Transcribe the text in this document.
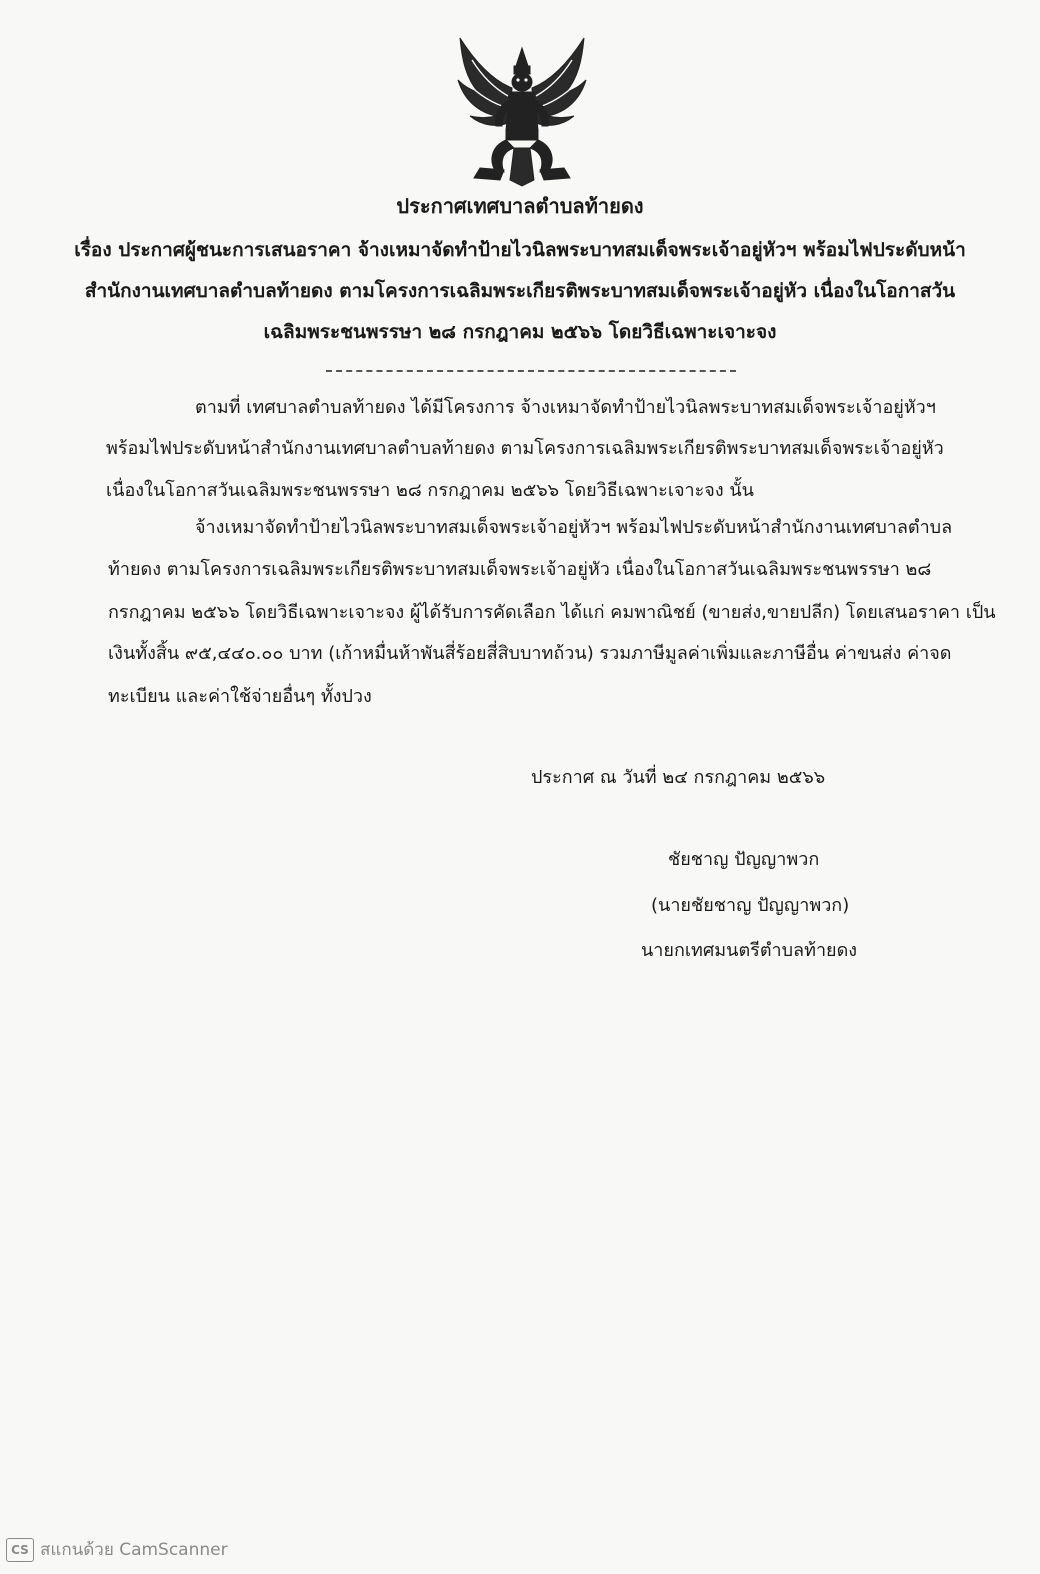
ประกาศเทศบาลตำบลท้ายดง
เรื่อง ประกาศผู้ชนะการเสนอราคา จ้างเหมาจัดทำป้ายไวนิลพระบาทสมเด็จพระเจ้าอยู่หัวฯ พร้อมไฟประดับหน้า
สำนักงานเทศบาลตำบลท้ายดง ตามโครงการเฉลิมพระเกียรติพระบาทสมเด็จพระเจ้าอยู่หัว เนื่องในโอกาสวัน
เฉลิมพระชนพรรษา ๒๘ กรกฎาคม ๒๕๖๖ โดยวิธีเฉพาะเจาะจง
ตามที่ เทศบาลตำบลท้ายดง ได้มีโครงการ จ้างเหมาจัดทำป้ายไวนิลพระบาทสมเด็จพระเจ้าอยู่หัวฯ
พร้อมไฟประดับหน้าสำนักงานเทศบาลตำบลท้ายดง ตามโครงการเฉลิมพระเกียรติพระบาทสมเด็จพระเจ้าอยู่หัว
เนื่องในโอกาสวันเฉลิมพระชนพรรษา ๒๘ กรกฎาคม ๒๕๖๖ โดยวิธีเฉพาะเจาะจง นั้น
จ้างเหมาจัดทำป้ายไวนิลพระบาทสมเด็จพระเจ้าอยู่หัวฯ พร้อมไฟประดับหน้าสำนักงานเทศบาลตำบล
ท้ายดง ตามโครงการเฉลิมพระเกียรติพระบาทสมเด็จพระเจ้าอยู่หัว เนื่องในโอกาสวันเฉลิมพระชนพรรษา ๒๘
กรกฎาคม ๒๕๖๖ โดยวิธีเฉพาะเจาะจง ผู้ได้รับการคัดเลือก ได้แก่ คมพาณิชย์ (ขายส่ง,ขายปลีก) โดยเสนอราคา เป็น
เงินทั้งสิ้น ๙๕,๔๔๐.๐๐ บาท (เก้าหมื่นห้าพันสี่ร้อยสี่สิบบาทถ้วน) รวมภาษีมูลค่าเพิ่มและภาษีอื่น ค่าขนส่ง ค่าจด
ทะเบียน และค่าใช้จ่ายอื่นๆ ทั้งปวง
ประกาศ ณ วันที่ ๒๔ กรกฎาคม ๒๕๖๖
ชัยชาญ ปัญญาพวก
(นายชัยชาญ ปัญญาพวก)
นายกเทศมนตรีตำบลท้ายดง
CS สแกนด้วย CamScanner
